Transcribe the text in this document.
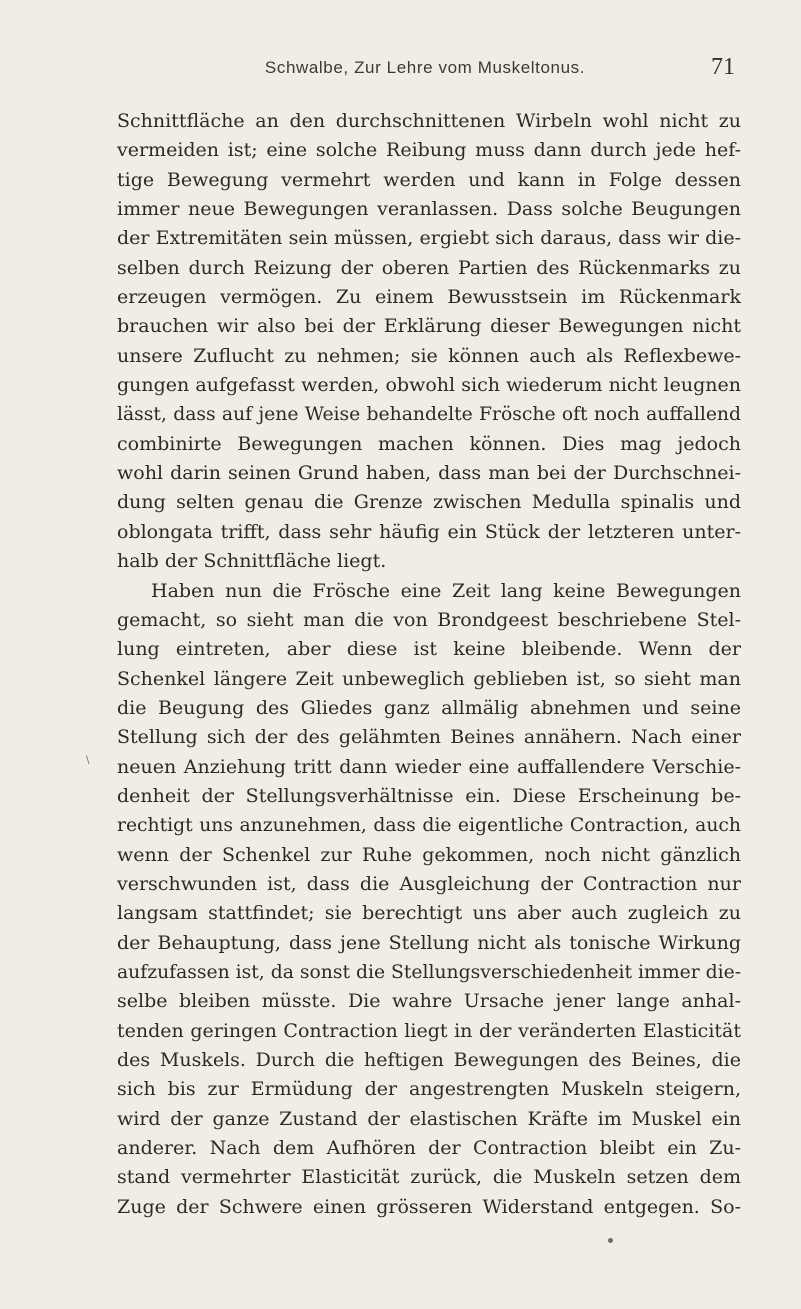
Schwalbe, Zur Lehre vom Muskeltonus.	71
\
Schnittfläche an den durchschnittenen Wirbeln wohl nicht zu
vermeiden ist; eine solche Reibung muss dann durch jede hef-
tige Bewegung vermehrt werden und kann in Folge dessen
immer neue Bewegungen veranlassen. Dass solche Beugungen
der Extremitäten sein müssen, ergiebt sich daraus, dass wir die-
selben durch Reizung der oberen Partien des Rückenmarks zu
erzeugen vermögen. Zu einem Bewusstsein im Rückenmark
brauchen wir also bei der Erklärung dieser Bewegungen nicht
unsere Zuflucht zu nehmen; sie können auch als Reflexbewe-
gungen aufgefasst werden, obwohl sich wiederum nicht leugnen
lässt, dass auf jene Weise behandelte Frösche oft noch auffallend
combinirte Bewegungen machen können. Dies mag jedoch
wohl darin seinen Grund haben, dass man bei der Durchschnei-
dung selten genau die Grenze zwischen Medulla spinalis und
oblongata trifft, dass sehr häufig ein Stück der letzteren unter-
halb der Schnittfläche liegt.
Haben nun die Frösche eine Zeit lang keine Bewegungen
gemacht, so sieht man die von Brondgeest beschriebene Stel-
lung eintreten, aber diese ist keine bleibende. Wenn der
Schenkel längere Zeit unbeweglich geblieben ist, so sieht man
die Beugung des Gliedes ganz allmälig abnehmen und seine
Stellung sich der des gelähmten Beines annähern. Nach einer
neuen Anziehung tritt dann wieder eine auffallendere Verschie-
denheit der Stellungsverhältnisse ein. Diese Erscheinung be-
rechtigt uns anzunehmen, dass die eigentliche Contraction, auch
wenn der Schenkel zur Ruhe gekommen, noch nicht gänzlich
verschwunden ist, dass die Ausgleichung der Contraction nur
langsam stattfindet; sie berechtigt uns aber auch zugleich zu
der Behauptung, dass jene Stellung nicht als tonische Wirkung
aufzufassen ist, da sonst die Stellungsverschiedenheit immer die-
selbe bleiben müsste. Die wahre Ursache jener lange anhal-
tenden geringen Contraction liegt in der veränderten Elasticität
des Muskels. Durch die heftigen Bewegungen des Beines, die
sich bis zur Ermüdung der angestrengten Muskeln steigern,
wird der ganze Zustand der elastischen Kräfte im Muskel ein
anderer. Nach dem Aufhören der Contraction bleibt ein Zu-
stand vermehrter Elasticität zurück, die Muskeln setzen dem
Zuge der Schwere einen grösseren Widerstand entgegen. So-
